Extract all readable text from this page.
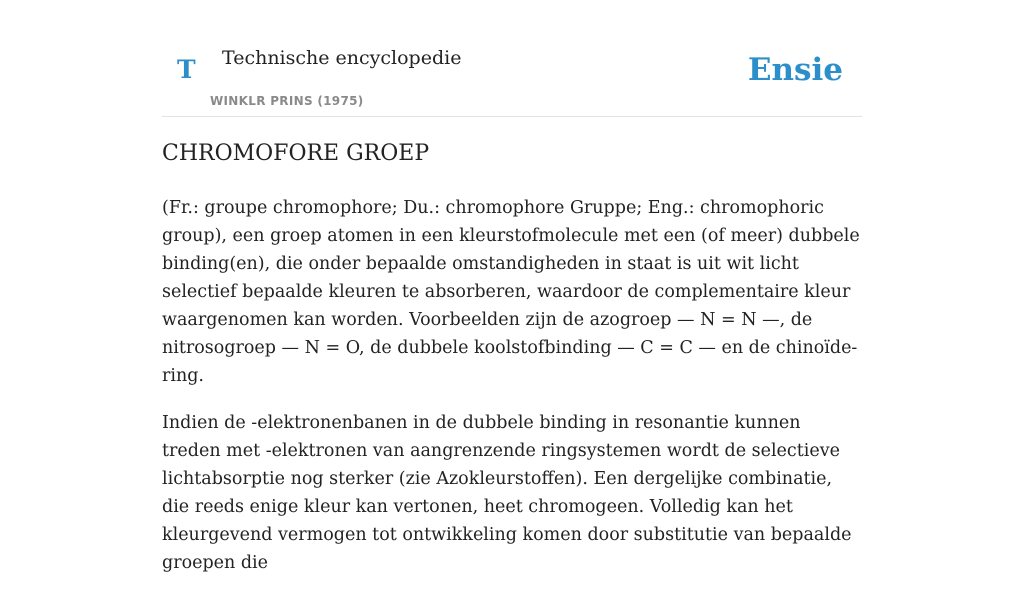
T Technische encyclopedie
WINKLR PRINS (1975)
Ensie
CHROMOFORE GROEP

(Fr.: groupe chromophore; Du.: chromophore Gruppe; Eng.: chromophoric group), een groep atomen in een kleurstofmolecule met een (of meer) dubbele binding(en), die onder bepaalde omstandigheden in staat is uit wit licht selectief bepaalde kleuren te absorberen, waardoor de complementaire kleur waargenomen kan worden. Voorbeelden zijn de azogroep — N = N —, de nitrosogroep — N = O, de dubbele koolstofbinding — C = C — en de chinoïde-ring.

Indien de -elektronenbanen in de dubbele binding in resonantie kunnen treden met -elektronen van aangrenzende ringsystemen wordt de selectieve lichtabsorptie nog sterker (zie Azokleurstoffen). Een dergelijke combinatie, die reeds enige kleur kan vertonen, heet chromogeen. Volledig kan het kleurgevend vermogen tot ontwikkeling komen door substitutie van bepaalde groepen die
